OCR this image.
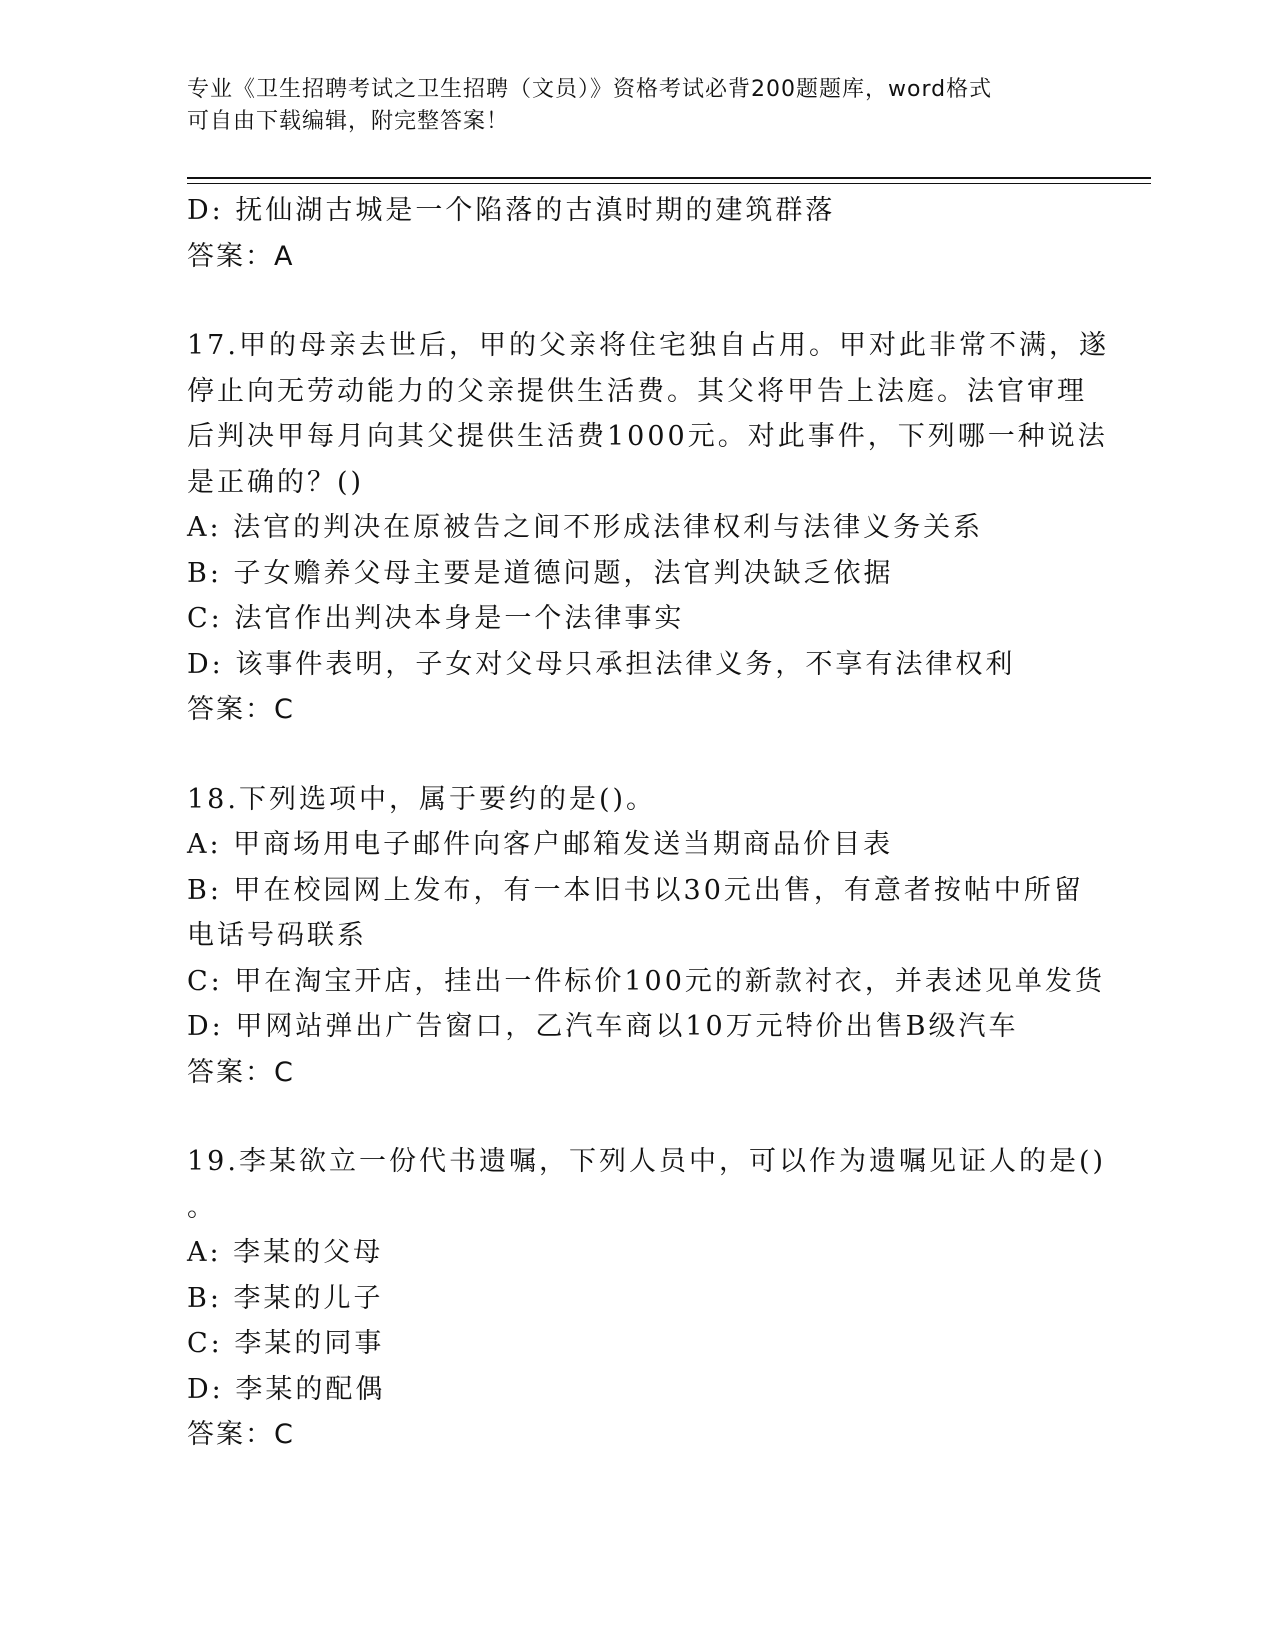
专业《卫生招聘考试之卫生招聘（文员）》资格考试必背200题题库，word格式
可自由下载编辑，附完整答案！
D: 抚仙湖古城是一个陷落的古滇时期的建筑群落
答案：A
17.甲的母亲去世后，甲的父亲将住宅独自占用。甲对此非常不满，遂
停止向无劳动能力的父亲提供生活费。其父将甲告上法庭。法官审理
后判决甲每月向其父提供生活费1000元。对此事件，下列哪一种说法
是正确的？()
A: 法官的判决在原被告之间不形成法律权利与法律义务关系
B: 子女赡养父母主要是道德问题，法官判决缺乏依据
C: 法官作出判决本身是一个法律事实
D: 该事件表明，子女对父母只承担法律义务，不享有法律权利
答案：C
18.下列选项中，属于要约的是()。
A: 甲商场用电子邮件向客户邮箱发送当期商品价目表
B: 甲在校园网上发布，有一本旧书以30元出售，有意者按帖中所留
电话号码联系
C: 甲在淘宝开店，挂出一件标价100元的新款衬衣，并表述见单发货
D: 甲网站弹出广告窗口，乙汽车商以10万元特价出售B级汽车
答案：C
19.李某欲立一份代书遗嘱，下列人员中，可以作为遗嘱见证人的是()
。
A: 李某的父母
B: 李某的儿子
C: 李某的同事
D: 李某的配偶
答案：C
